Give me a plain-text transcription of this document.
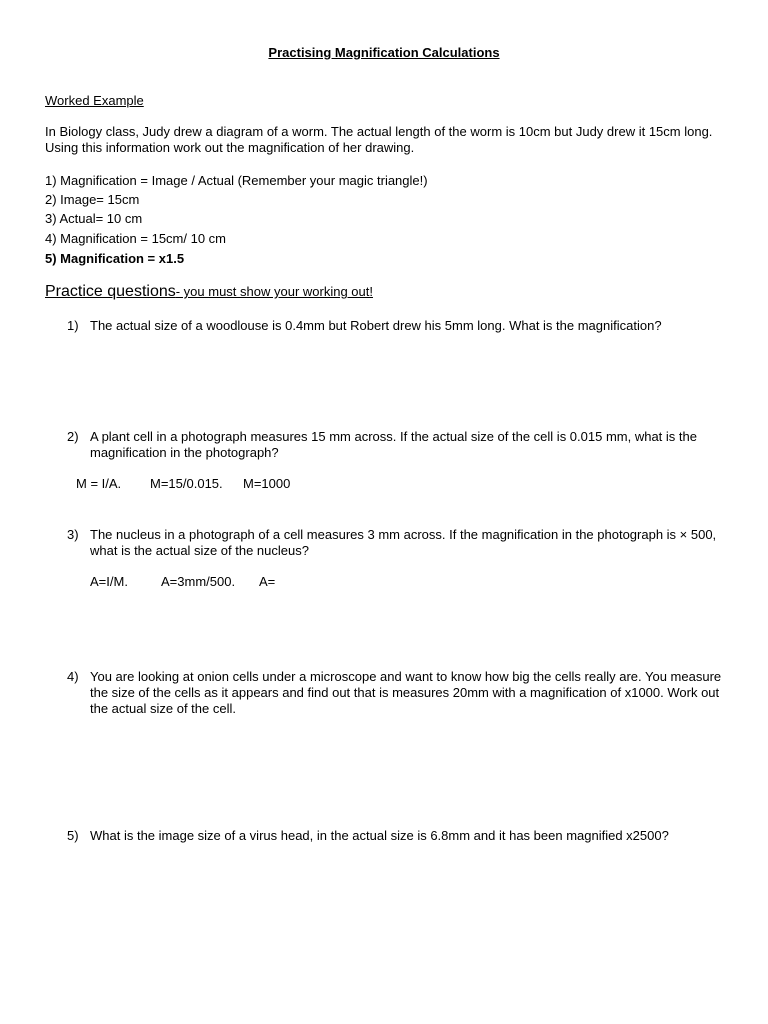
Practising Magnification Calculations
Worked Example
In Biology class, Judy drew a diagram of a worm. The actual length of the worm is 10cm but Judy drew it 15cm long. Using this information work out the magnification of her drawing.
1) Magnification = Image / Actual (Remember your magic triangle!)
2) Image= 15cm
3) Actual= 10 cm
4) Magnification = 15cm/ 10 cm
5) Magnification = x1.5
Practice questions- you must show your working out!
1) The actual size of a woodlouse is 0.4mm but Robert drew his 5mm long. What is the magnification?
2) A plant cell in a photograph measures 15 mm across. If the actual size of the cell is 0.015 mm, what is the magnification in the photograph?
M = I/A. M=15/0.015. M=1000
3) The nucleus in a photograph of a cell measures 3 mm across. If the magnification in the photograph is × 500, what is the actual size of the nucleus?
A=I/M.	A=3mm/500. A=
4) You are looking at onion cells under a microscope and want to know how big the cells really are. You measure the size of the cells as it appears and find out that is measures 20mm with a magnification of x1000. Work out the actual size of the cell.
5) What is the image size of a virus head, in the actual size is 6.8mm and it has been magnified x2500?
